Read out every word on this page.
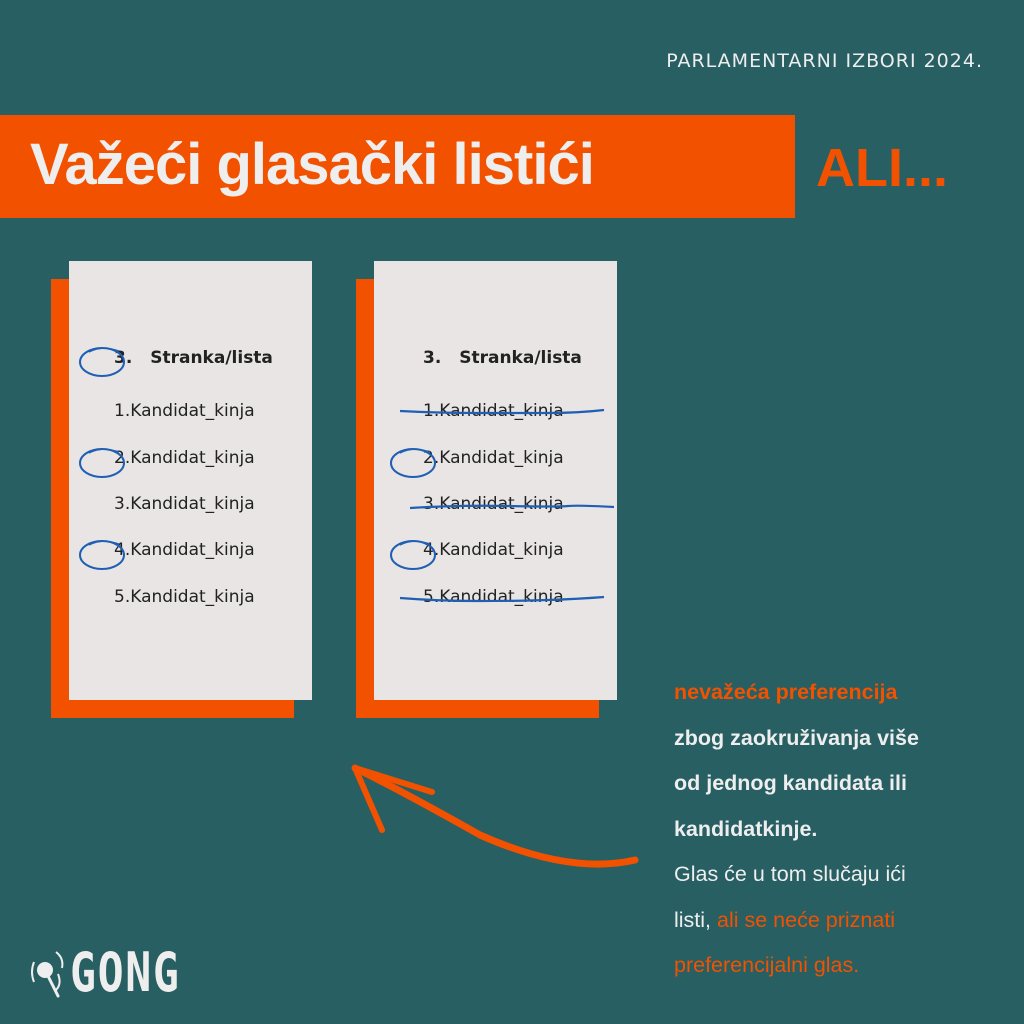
PARLAMENTARNI IZBORI 2024.
Važeći glasački listići	ALI...
3. Stranka/lista
1.Kandidat_kinja
2.Kandidat_kinja
3.Kandidat_kinja
4.Kandidat_kinja
5.Kandidat_kinja
3. Stranka/lista
1.Kandidat_kinja
2.Kandidat_kinja
3.Kandidat_kinja
4.Kandidat_kinja
5.Kandidat_kinja
nevažeća preferencija
zbog zaokruživanja više
od jednog kandidata ili
kandidatkinje.
Glas će u tom slučaju ići
listi, ali se neće priznati
preferencijalni glas.
GONG
